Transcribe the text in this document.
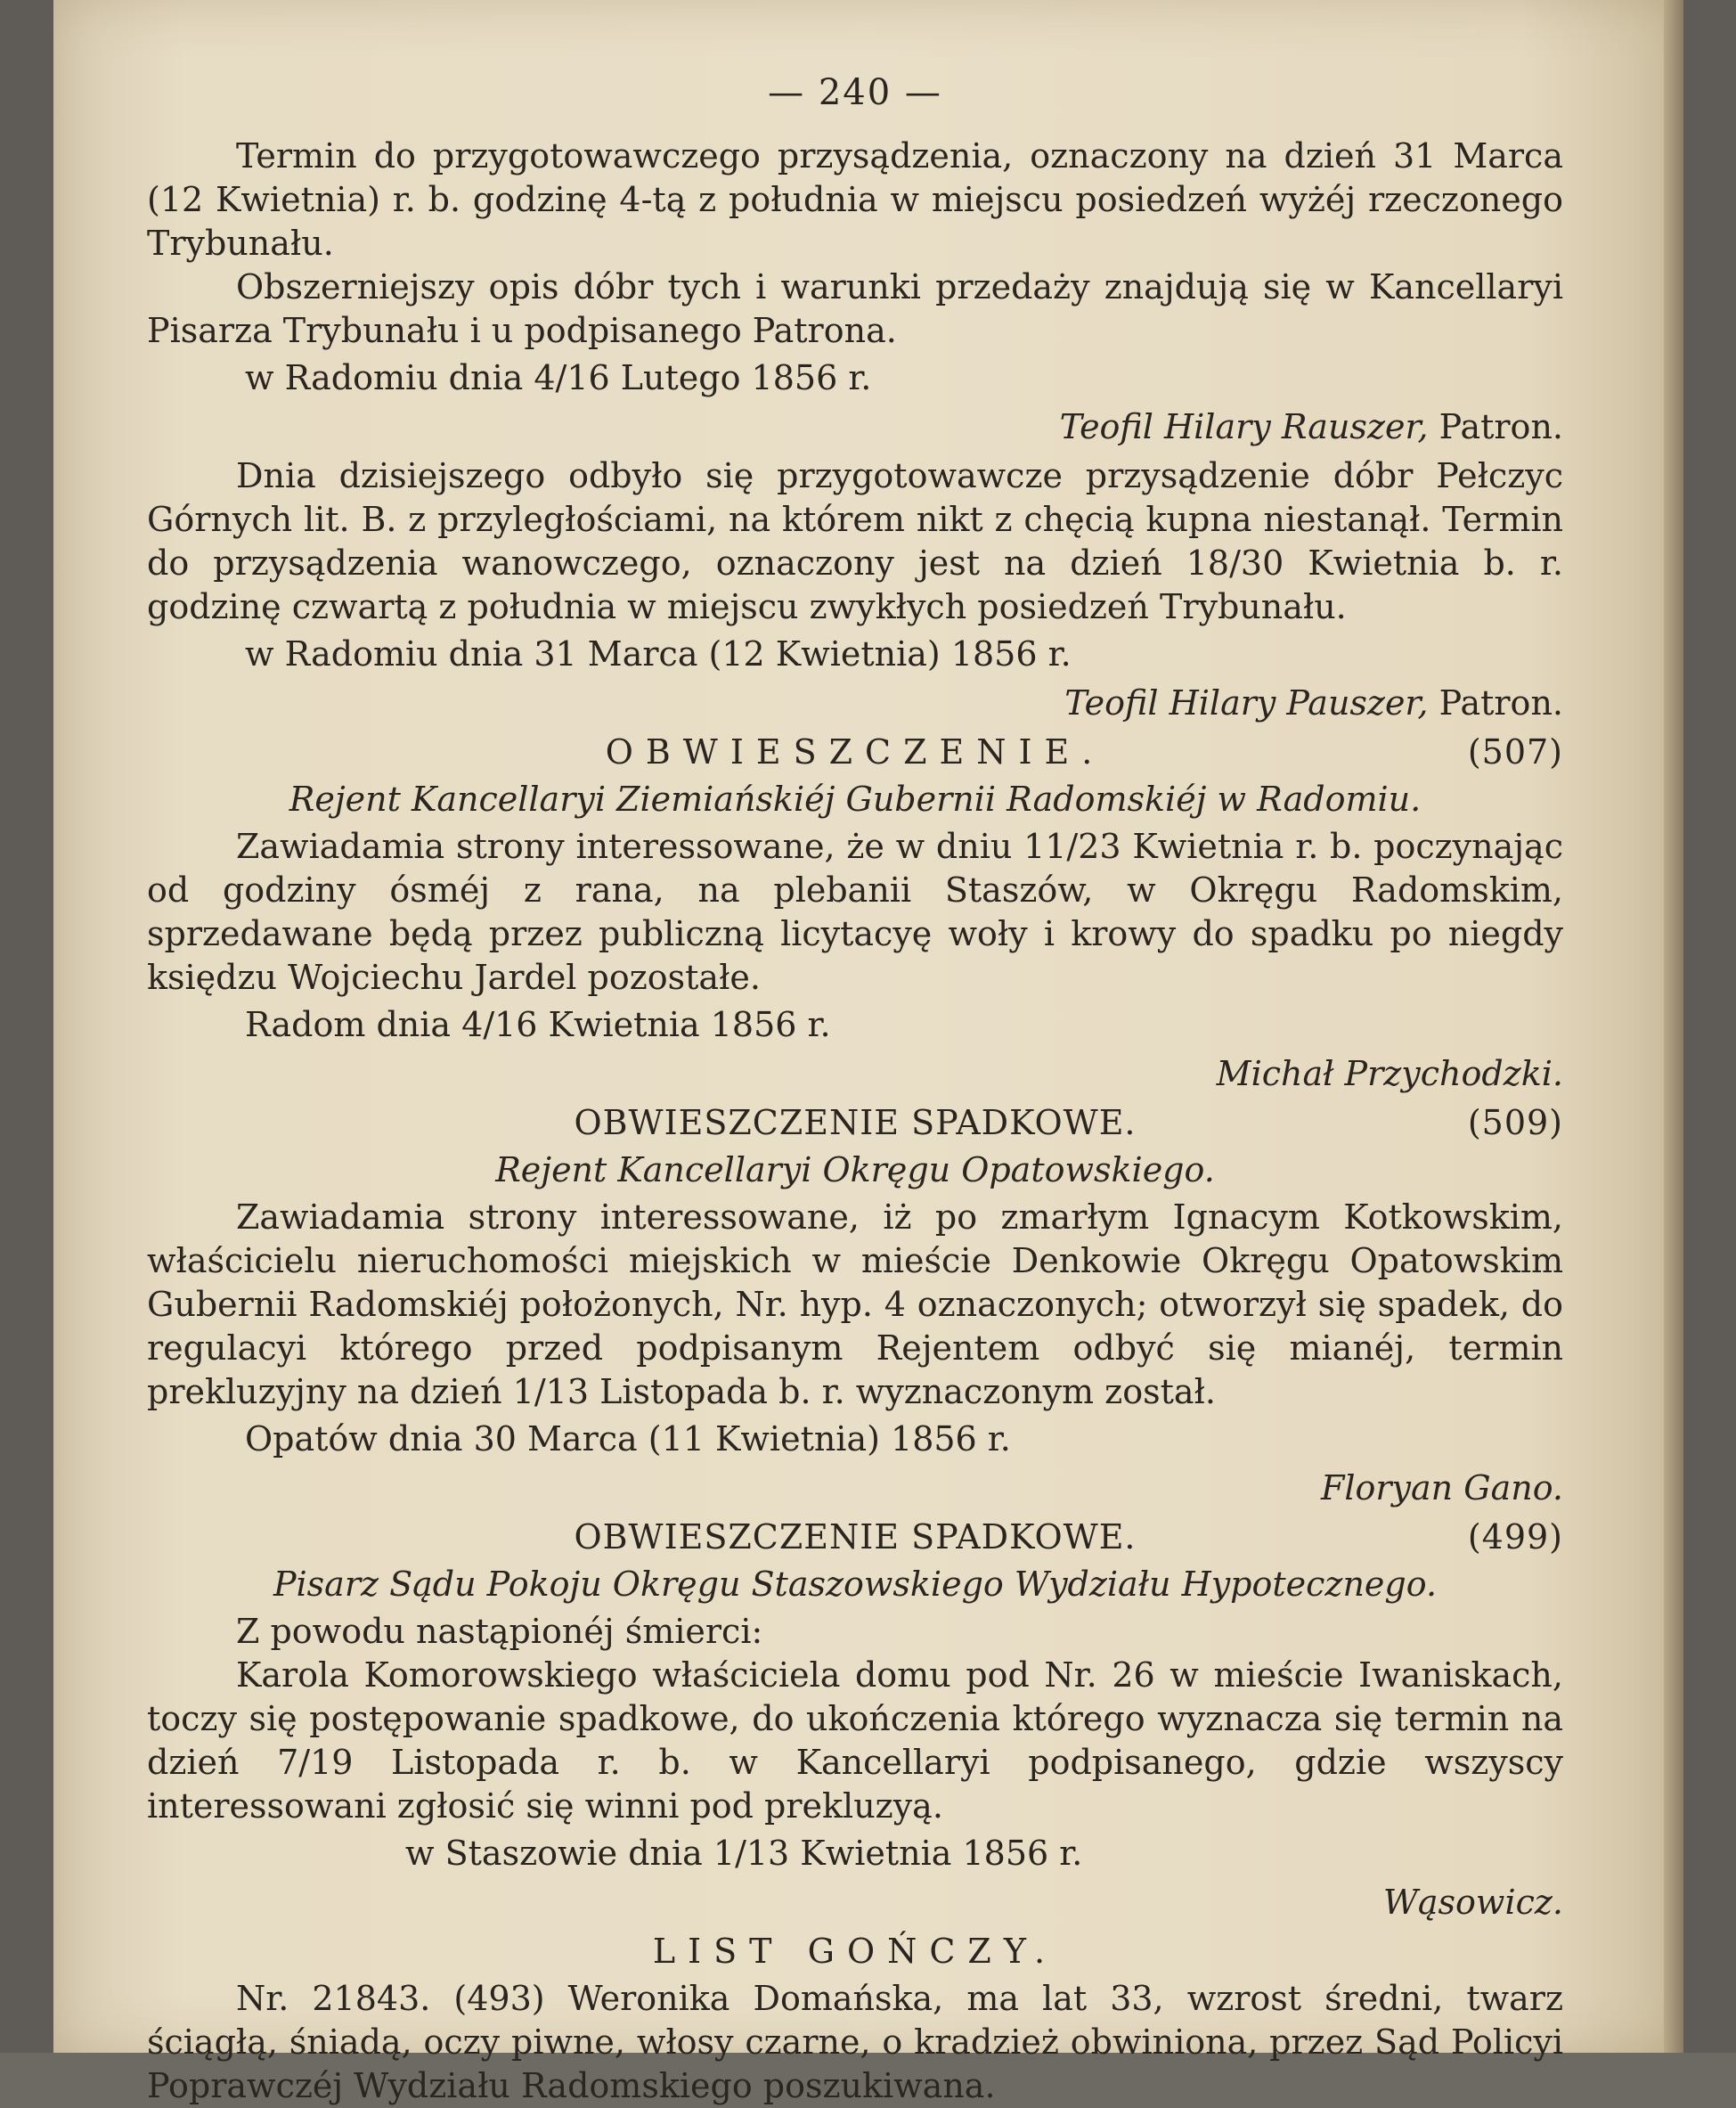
— 240 —

Termin do przygotowawczego przysądzenia, oznaczony na dzień 31 Marca (12 Kwietnia) r. b. godzinę 4-tą z południa w miejscu posiedzeń wyżéj rzeczonego Trybunału.

Obszerniejszy opis dóbr tych i warunki przedaży znajdują się w Kancellaryi Pisarza Trybunału i u podpisanego Patrona.

w Radomiu dnia 4/16 Lutego 1856 r.
Teofil Hilary Rauszer, Patron.

Dnia dzisiejszego odbyło się przygotowawcze przysądzenie dóbr Pełczyc Górnych lit. B. z przyległościami, na którem nikt z chęcią kupna niestanął. Termin do przysądzenia wanowczego, oznaczony jest na dzień 18/30 Kwietnia b. r. godzinę czwartą z południa w miejscu zwykłych posiedzeń Trybunału.

w Radomiu dnia 31 Marca (12 Kwietnia) 1856 r.
Teofil Hilary Pauszer, Patron.
OBWIESZCZENIE.	(507)
Rejent Kancellaryi Ziemiańskiéj Gubernii Radomskiéj w Radomiu.

Zawiadamia strony interessowane, że w dniu 11/23 Kwietnia r. b. poczynając od godziny ósméj z rana, na plebanii Staszów, w Okręgu Radomskim, sprzedawane będą przez publiczną licytacyę woły i krowy do spadku po niegdy księdzu Wojciechu Jardel pozostałe.

Radom dnia 4/16 Kwietnia 1856 r.
Michał Przychodzki.
OBWIESZCZENIE SPADKOWE.	(509)
Rejent Kancellaryi Okręgu Opatowskiego.

Zawiadamia strony interessowane, iż po zmarłym Ignacym Kotkowskim, właścicielu nieruchomości miejskich w mieście Denkowie Okręgu Opatowskim Gubernii Radomskiéj położonych, Nr. hyp. 4 oznaczonych; otworzył się spadek, do regulacyi którego przed podpisanym Rejentem odbyć się mianéj, termin prekluzyjny na dzień 1/13 Listopada b. r. wyznaczonym został.

Opatów dnia 30 Marca (11 Kwietnia) 1856 r.
Floryan Gano.
OBWIESZCZENIE SPADKOWE.	(499)
Pisarz Sądu Pokoju Okręgu Staszowskiego Wydziału Hypotecznego.

Z powodu nastąpionéj śmierci:

Karola Komorowskiego właściciela domu pod Nr. 26 w mieście Iwaniskach, toczy się postępowanie spadkowe, do ukończenia którego wyznacza się termin na dzień 7/19 Listopada r. b. w Kancellaryi podpisanego, gdzie wszyscy interessowani zgłosić się winni pod prekluzyą.

w Staszowie dnia 1/13 Kwietnia 1856 r.
Wąsowicz.
LIST GOŃCZY.

Nr. 21843. (493) Weronika Domańska, ma lat 33, wzrost średni, twarz ściągłą, śniadą, oczy piwne, włosy czarne, o kradzież obwiniona, przez Sąd Policyi Poprawczéj Wydziału Radomskiego poszukiwana.
